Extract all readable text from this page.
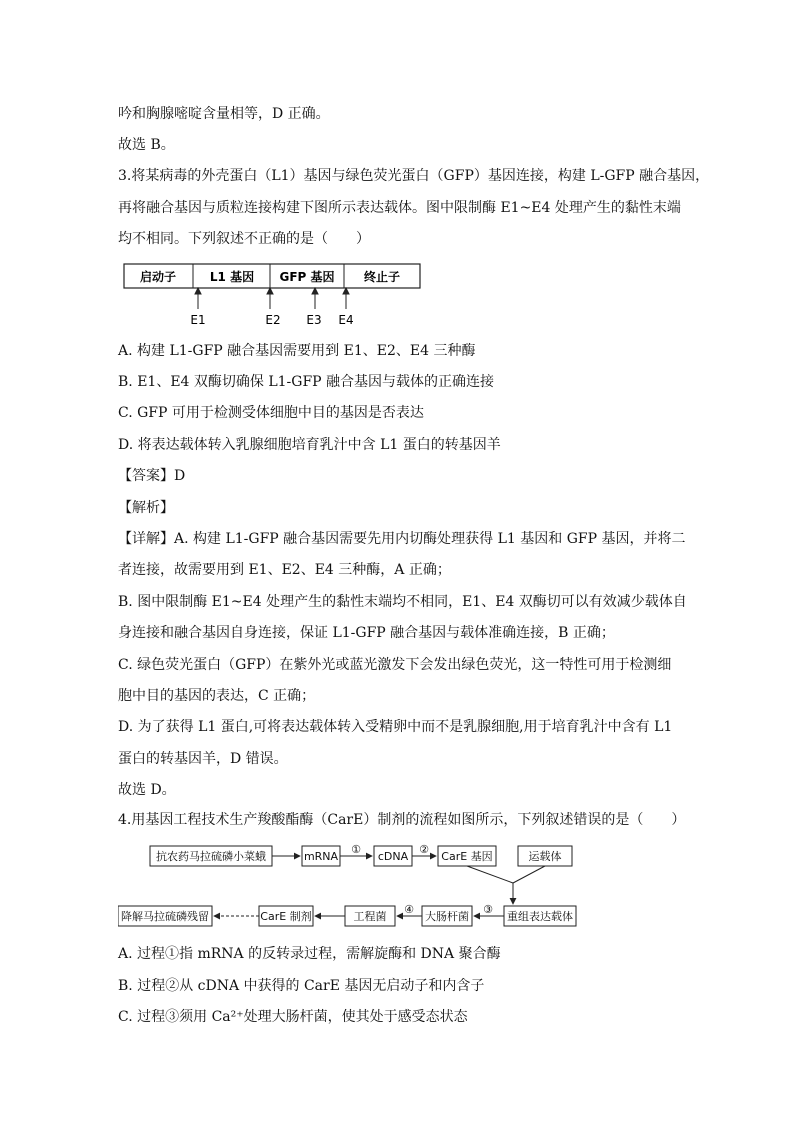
吟和胸腺嘧啶含量相等，D 正确。
故选 B。
3.将某病毒的外壳蛋白（L1）基因与绿色荧光蛋白（GFP）基因连接，构建 L-GFP 融合基因，
再将融合基因与质粒连接构建下图所示表达载体。图中限制酶 E1~E4 处理产生的黏性末端
均不相同。下列叙述不正确的是（　　）
启动子	L1 基因 GFP 基因 终止子
E1	E2 E3 E4
A. 构建 L1-GFP 融合基因需要用到 E1、E2、E4 三种酶
B. E1、E4 双酶切确保 L1-GFP 融合基因与载体的正确连接
C. GFP 可用于检测受体细胞中目的基因是否表达
D. 将表达载体转入乳腺细胞培育乳汁中含 L1 蛋白的转基因羊
【答案】D
【解析】
【详解】A. 构建 L1-GFP 融合基因需要先用内切酶处理获得 L1 基因和 GFP 基因，并将二
者连接，故需要用到 E1、E2、E4 三种酶，A 正确；
B. 图中限制酶 E1~E4 处理产生的黏性末端均不相同，E1、E4 双酶切可以有效减少载体自
身连接和融合基因自身连接，保证 L1-GFP 融合基因与载体准确连接，B 正确；
C. 绿色荧光蛋白（GFP）在紫外光或蓝光激发下会发出绿色荧光，这一特性可用于检测细
胞中目的基因的表达，C 正确；
D. 为了获得 L1 蛋白,可将表达载体转入受精卵中而不是乳腺细胞,用于培育乳汁中含有 L1
蛋白的转基因羊，D 错误。
故选 D。
4.用基因工程技术生产羧酸酯酶（CarE）制剂的流程如图所示，下列叙述错误的是（　　）
抗农药马拉硫磷小菜蛾	mRNA	cDNA	CarE 基因	运载体
①	②
降解马拉硫磷残留	CarE 制剂	工程菌	大肠杆菌	重组表达载体
③
④
A. 过程①指 mRNA 的反转录过程，需解旋酶和 DNA 聚合酶
B. 过程②从 cDNA 中获得的 CarE 基因无启动子和内含子
C. 过程③须用 Ca²⁺处理大肠杆菌，使其处于感受态状态
